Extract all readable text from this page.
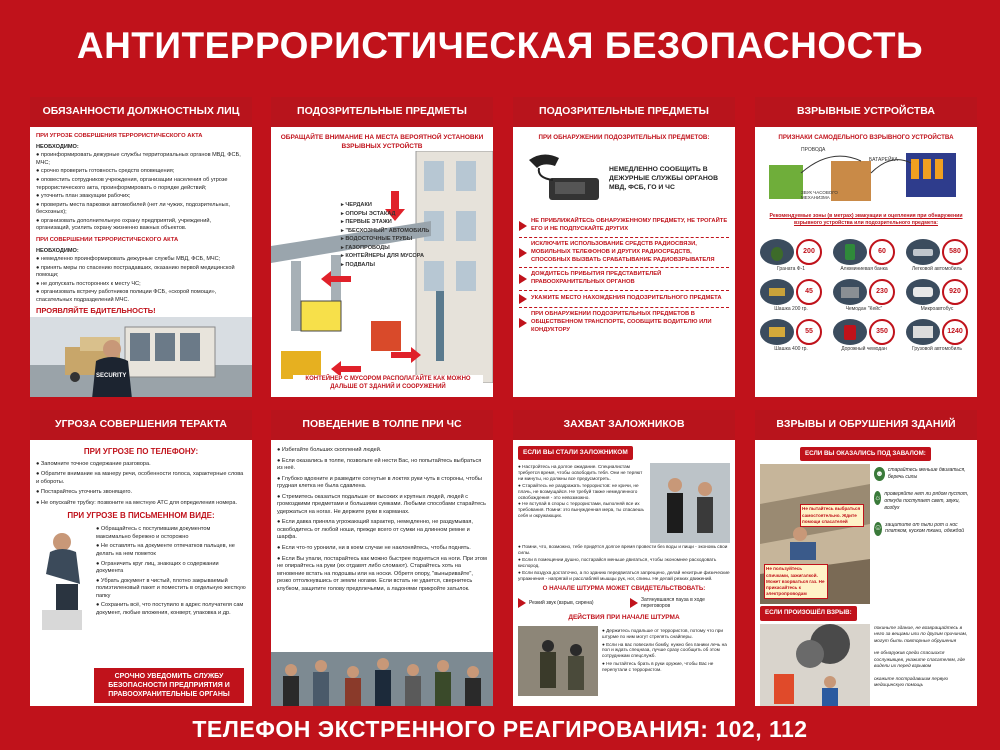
АНТИТЕРРОРИСТИЧЕСКАЯ БЕЗОПАСНОСТЬ
ОБЯЗАННОСТИ ДОЛЖНОСТНЫХ ЛИЦ
ПРИ УГРОЗЕ СОВЕРШЕНИЯ ТЕРРОРИСТИЧЕСКОГО АКТА
НЕОБХОДИМО:
● проинформировать дежурные службы территориальных органов МВД, ФСБ, МЧС;
● срочно проверить готовность средств оповещения;
● оповестить сотрудников учреждения, организации населения об угрозе террористического акта, проинформировать о порядке действий;
● уточнить план эвакуации рабочих;
● проверить места парковки автомобилей (нет ли чужих, подозрительных, бесхозных);
● организовать дополнительную охрану предприятий, учреждений, организаций, усилить охрану жизненно важных объектов.
ПРИ СОВЕРШЕНИИ ТЕРРОРИСТИЧЕСКОГО АКТА
НЕОБХОДИМО:
● немедленно проинформировать дежурные службы МВД, ФСБ, МЧС;
● принять меры по спасению пострадавших, оказанию первой медицинской помощи;
● не допускать посторонних к месту ЧС;
● организовать встречу работников полиции ФСБ, «скорой помощи», спасательных подразделений МЧС.
ПРОЯВЛЯЙТЕ БДИТЕЛЬНОСТЬ!
SECURITY
ПОДОЗРИТЕЛЬНЫЕ ПРЕДМЕТЫ
ОБРАЩАЙТЕ ВНИМАНИЕ НА МЕСТА ВЕРОЯТНОЙ УСТАНОВКИ ВЗРЫВНЫХ УСТРОЙСТВ
▸ ЧЕРДАКИ
▸ ОПОРЫ ЭСТАКАД
▸ ПЕРВЫЕ ЭТАЖИ
▸ "БЕСХОЗНЫЙ" АВТОМОБИЛЬ
▸ ВОДОСТОЧНЫЕ ТРУБЫ
▸ ГАЗОПРОВОДЫ
▸ КОНТЕЙНЕРЫ ДЛЯ МУСОРА
▸ ПОДВАЛЫ
КОНТЕЙНЕР С МУСОРОМ РАСПОЛАГАЙТЕ КАК МОЖНО ДАЛЬШЕ ОТ ЗДАНИЙ И СООРУЖЕНИЙ
ПОДОЗРИТЕЛЬНЫЕ ПРЕДМЕТЫ
ПРИ ОБНАРУЖЕНИИ ПОДОЗРИТЕЛЬНЫХ ПРЕДМЕТОВ:
НЕМЕДЛЕННО СООБЩИТЬ В ДЕЖУРНЫЕ СЛУЖБЫ ОРГАНОВ МВД, ФСБ, ГО И ЧС
НЕ ПРИБЛИЖАЙТЕСЬ ОБНАРУЖЕННОМУ ПРЕДМЕТУ, НЕ ТРОГАЙТЕ ЕГО И НЕ ПОДПУСКАЙТЕ ДРУГИХ
ИСКЛЮЧИТЕ ИСПОЛЬЗОВАНИЕ СРЕДСТВ РАДИОСВЯЗИ, МОБИЛЬНЫХ ТЕЛЕФОНОВ И ДРУГИХ РАДИОСРЕДСТВ, СПОСОБНЫХ ВЫЗВАТЬ СРАБАТЫВАНИЕ РАДИОВЗРЫВАТЕЛЯ
ДОЖДИТЕСЬ ПРИБЫТИЯ ПРЕДСТАВИТЕЛЕЙ ПРАВООХРАНИТЕЛЬНЫХ ОРГАНОВ
УКАЖИТЕ МЕСТО НАХОЖДЕНИЯ ПОДОЗРИТЕЛЬНОГО ПРЕДМЕТА
ПРИ ОБНАРУЖЕНИИ ПОДОЗРИТЕЛЬНЫХ ПРЕДМЕТОВ В ОБЩЕСТВЕННОМ ТРАНСПОРТЕ, СООБЩИТЕ ВОДИТЕЛЮ ИЛИ КОНДУКТОРУ
ВЗРЫВНЫЕ УСТРОЙСТВА
ПРИЗНАКИ САМОДЕЛЬНОГО ВЗРЫВНОГО УСТРОЙСТВА
ПРОВОДА
БАТАРЕЙКА
ЗВУК ЧАСОВОГО МЕХАНИЗМА
Рекомендуемые зоны (в метрах) эвакуации и оцепления при обнаружении взрывного устройства или подозрительного предмета:
200
Граната Ф-1
60
Алюминиевая банка
580
Легковой автомобиль
45
Шашка 200 гр.
230
Чемодан "Кейс"
920
Микроавтобус
55
Шашка 400 гр.
350
Дорожный чемодан
1240
Грузовой автомобиль
УГРОЗА СОВЕРШЕНИЯ ТЕРАКТА
ПРИ УГРОЗЕ ПО ТЕЛЕФОНУ:
● Запомните точное содержание разговора.
● Обратите внимание на манеру речи, особенности голоса, характерные слова и обороты.
● Постарайтесь уточнить звонящего.
● Не опускайте трубку: позвоните на местную АТС для определения номера.
ПРИ УГРОЗЕ В ПИСЬМЕННОМ ВИДЕ:
● Обращайтесь с поступившим документом максимально бережно и осторожно
● Не оставлять на документе отпечатков пальцев, не делать на нем пометок
● Ограничить круг лиц, знающих о содержании документа
● Убрать документ в чистый, плотно закрываемый полиэтиленовый пакет и поместить в отдельную жесткую папку
● Сохранить всё, что поступило в адрес получателя сам документ, любые вложения, конверт, упаковка и др.
СРОЧНО УВЕДОМИТЬ СЛУЖБУ БЕЗОПАСНОСТИ ПРЕДПРИЯТИЯ И ПРАВООХРАНИТЕЛЬНЫЕ ОРГАНЫ
ПОВЕДЕНИЕ В ТОЛПЕ ПРИ ЧС
● Избегайте больших скоплений людей.
● Если оказались в толпе, позвольте ей нести Вас, но попытайтесь выбраться из неё.
● Глубоко вдохните и разведите согнутые в локтях руки чуть в стороны, чтобы грудная клетка не была сдавлена.
● Стремитесь оказаться подальше от высоких и крупных людей, людей с громоздкими предметами и большими сумками. Любыми способами старайтесь удержаться на ногах. Не держите руки в карманах.
● Если давка приняла угрожающий характер, немедленно, не раздумывая, освободитесь от любой ноши, прежде всего от сумки на длинном ремне и шарфа.
● Если что-то уронили, ни в коем случае не наклоняйтесь, чтобы поднять.
● Если Вы упали, постарайтесь как можно быстрее подняться на ноги. При этом не опирайтесь на руки (их отдавят либо сломают). Старайтесь хоть на мгновение встать на подошвы или на носки. Обретя опору, "выныривайте", резко оттолкнувшись от земли ногами. Если встать не удается, свернитесь клубком, защитите голову предплечьями, а ладонями прикройте затылок.
ЗАХВАТ ЗАЛОЖНИКОВ
ЕСЛИ ВЫ СТАЛИ ЗАЛОЖНИКОМ
● Настройтесь на долгое ожидание. Специалистам требуется время, чтобы освободить тебя. Они не теряют ни минуты, но должны все предусмотреть.
● Старайтесь не раздражать террористов: не кричи, не плачь, не возмущайся. Не требуй также немедленного освобождения - это невозможно.
● Не вступай в споры с террористами, выполняй все их требования. Помни: это вынужденная мера, ты спасаешь себя и окружающих.
● Помни, что, возможно, тебе придётся долгое время провести без воды и пищи - экономь свои силы.
● Если в помещении душно, постарайся меньше двигаться, чтобы экономнее расходовать кислород.
● Если воздуха достаточно, а по зданию передвигаться запрещено, делай нехитрые физические упражнения - напрягай и расслабляй мышцы рук, ног, спины. Не делай резких движений.
О НАЧАЛЕ ШТУРМА МОЖЕТ СВИДЕТЕЛЬСТВОВАТЬ:
Резкий звук (взрыв, сирена)
Затянувшаяся пауза в ходе переговоров
ДЕЙСТВИЯ ПРИ НАЧАЛЕ ШТУРМА
● Держитесь подальше от террористов, потому что при штурме по ним могут стрелять снайперы.
● Если на вас повесили бомбу, нужно без паники лечь на пол и ждать спецназа, лучше сразу сообщить об этом сотрудникам спецслужб.
● Не пытайтесь брать в руки оружие, чтобы Вас не перепутали с террористом.
ВЗРЫВЫ И ОБРУШЕНИЯ ЗДАНИЙ
ЕСЛИ ВЫ ОКАЗАЛИСЬ ПОД ЗАВАЛОМ:
Не пытайтесь выбраться самостоятельно. Ждите помощи спасателей
Не пользуйтесь спичками, зажигалкой. Может взорваться газ. Не прикасайтесь к электропроводам
☻ старайтесь меньше двигаться, беречь силы
☼ проверяйте нет ли рядом пустот, откуда поступает свет, звуки, воздух
☺ защитите от пыли рот и нос платком, куском ткани, одеждой
ЕСЛИ ПРОИЗОШЁЛ ВЗРЫВ:
покиньте здание, не возвращайтесь в него за вещами или по другим причинам, могут быть повторные обрушения
не обнаружив среди спасшихся сослуживцев, укажите спасателям, где видели их перед взрывом
окажите пострадавшим первую медицинскую помощь
ТЕЛЕФОН ЭКСТРЕННОГО РЕАГИРОВАНИЯ: 102, 112
